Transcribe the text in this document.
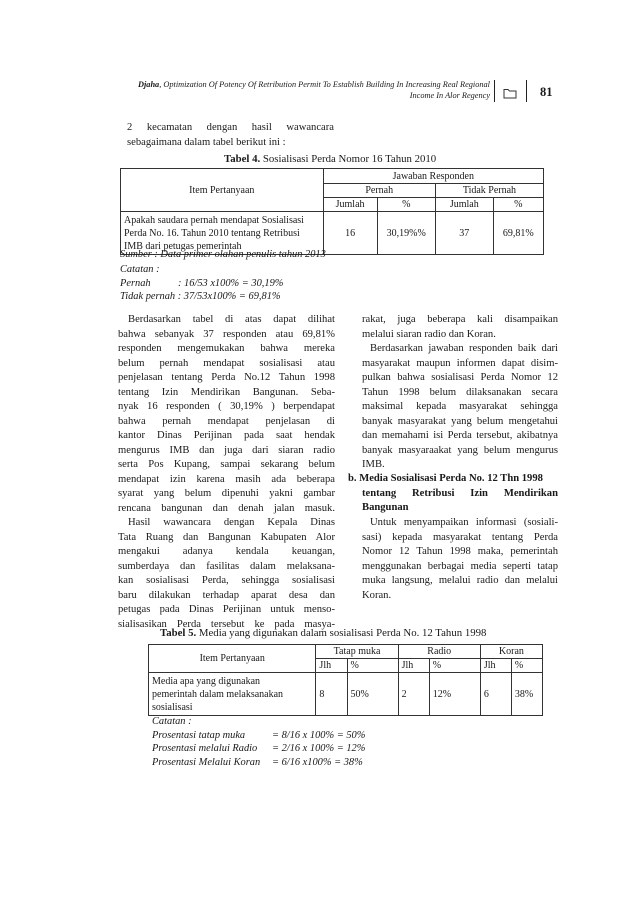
Djaha, Optimization Of Potency Of Retribution Permit To Establish Building In Increasing Real Regional
Income In Alor Regency	81
2 kecamatan dengan hasil wawancara
sebagaimana dalam tabel berikut ini :
Tabel 4. Sosialisasi Perda Nomor 16 Tahun 2010
Item Pertanyaan	Jawaban Responden			
	Pernah		Tidak Pernah	
	Jumlah	%	Jumlah	%

Apakah saudara pernah mendapat Sosialisasi
Perda No. 16. Tahun 2010 tentang Retribusi
IMB dari petugas pemerintah	16	30,19%%	37	69,81%
Sumber : Data primer olahan penulis tahun 2013
Catatan :
Pernah	: 16/53 x100% = 30,19%
Tidak pernah : 37/53x100% = 69,81%
Berdasarkan tabel di atas dapat dilihat
bahwa sebanyak 37 responden atau 69,81%
responden mengemukakan bahwa mereka
belum pernah mendapat sosialisasi atau
penjelasan tentang Perda No.12 Tahun 1998
tentang Izin Mendirikan Bangunan. Seba-
nyak 16 responden ( 30,19% ) berpendapat
bahwa pernah mendapat penjelasan di
kantor Dinas Perijinan pada saat hendak
mengurus IMB dan juga dari siaran radio
serta Pos Kupang, sampai sekarang belum
mendapat izin karena masih ada beberapa
syarat yang belum dipenuhi yakni gambar
rencana bangunan dan denah jalan masuk.
Hasil wawancara dengan Kepala Dinas
Tata Ruang dan Bangunan Kabupaten Alor
mengakui adanya kendala keuangan,
sumberdaya dan fasilitas dalam melaksana-
kan sosialisasi Perda, sehingga sosialisasi
baru dilakukan terhadap aparat desa dan
petugas pada Dinas Perijinan untuk menso-
sialisasikan Perda tersebut ke pada masya-
rakat, juga beberapa kali disampaikan
melalui siaran radio dan Koran.
Berdasarkan jawaban responden baik dari
masyarakat maupun informen dapat disim-
pulkan bahwa sosialisasi Perda Nomor 12
Tahun 1998 belum dilaksanakan secara
maksimal kepada masyarakat sehingga
banyak masyarakat yang belum mengetahui
dan memahami isi Perda tersebut, akibatnya
banyak masyaraakat yang belum mengurus
IMB.
b. Media Sosialisasi Perda No. 12 Thn 1998
tentang Retribusi Izin Mendirikan
Bangunan
Untuk menyampaikan informasi (sosiali-
sasi) kepada masyarakat tentang Perda
Nomor 12 Tahun 1998 maka, pemerintah
menggunakan berbagai media seperti tatap
muka langsung, melalui radio dan melalui
Koran.
Tabel 5. Media yang digunakan dalam sosialisasi Perda No. 12 Tahun 1998
Item Pertanyaan	Tatap muka		Radio		Koran	
	Jlh	%	Jlh	%	Jlh	%

Media apa yang digunakan
pemerintah dalam melaksanakan
sosialisasi	8	50%	2	12%	6	38%
Catatan :
Prosentasi tatap muka	= 8/16 x 100% = 50%
Prosentasi melalui Radio = 2/16 x 100% = 12%
Prosentasi Melalui Koran = 6/16 x100% = 38%
